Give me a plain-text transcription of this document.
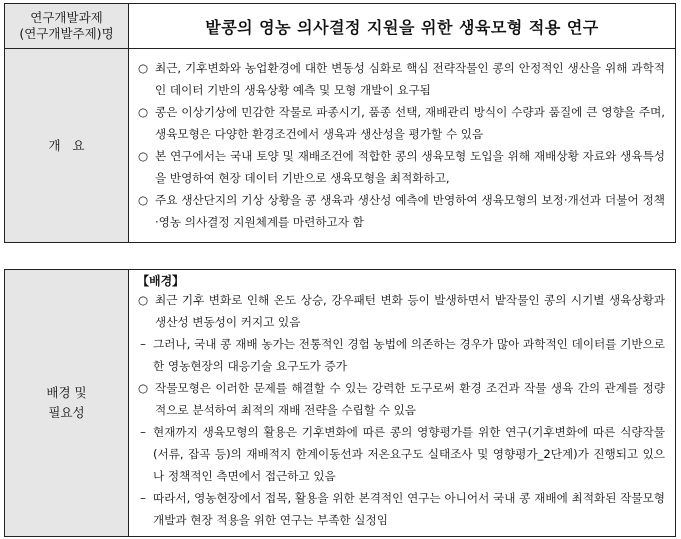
연구개발과제
(연구개발주제)명	밭콩의 영농 의사결정 지원을 위한 생육모형 적용 연구
개   요
○ 최근, 기후변화와 농업환경에 대한 변동성 심화로 핵심 전략작물인 콩의 안정적인 생산을 위해 과학적인 데이터 기반의 생육상황 예측 및 모형 개발이 요구됨
○ 콩은 이상기상에 민감한 작물로 파종시기, 품종 선택, 재배관리 방식이 수량과 품질에 큰 영향을 주며, 생육모형은 다양한 환경조건에서 생육과 생산성을 평가할 수 있음
○ 본 연구에서는 국내 토양 및 재배조건에 적합한 콩의 생육모형 도입을 위해 재배상황 자료와 생육특성을 반영하여 현장 데이터 기반으로 생육모형을 최적화하고,
○ 주요 생산단지의 기상 상황을 콩 생육과 생산성 예측에 반영하여 생육모형의 보정·개선과 더불어 정책·영농 의사결정 지원체계를 마련하고자 함
배경 및
필요성
【배경】
○ 최근 기후 변화로 인해 온도 상승, 강우패턴 변화 등이 발생하면서 밭작물인 콩의 시기별 생육상황과 생산성 변동성이 커지고 있음
– 그러나, 국내 콩 재배 농가는 전통적인 경험 농법에 의존하는 경우가 많아 과학적인 데이터를 기반으로 한 영농현장의 대응기술 요구도가 증가
○ 작물모형은 이러한 문제를 해결할 수 있는 강력한 도구로써 환경 조건과 작물 생육 간의 관계를 정량적으로 분석하여 최적의 재배 전략을 수립할 수 있음
– 현재까지 생육모형의 활용은 기후변화에 따른 콩의 영향평가를 위한 연구(기후변화에 따른 식량작물(서류, 잡곡 등)의 재배적지 한계이동선과 저온요구도 실태조사 및 영향평가_2단계)가 진행되고 있으나 정책적인 측면에서 접근하고 있음
– 따라서, 영농현장에서 접목, 활용을 위한 본격적인 연구는 아니어서 국내 콩 재배에 최적화된 작물모형 개발과 현장 적용을 위한 연구는 부족한 실정임
